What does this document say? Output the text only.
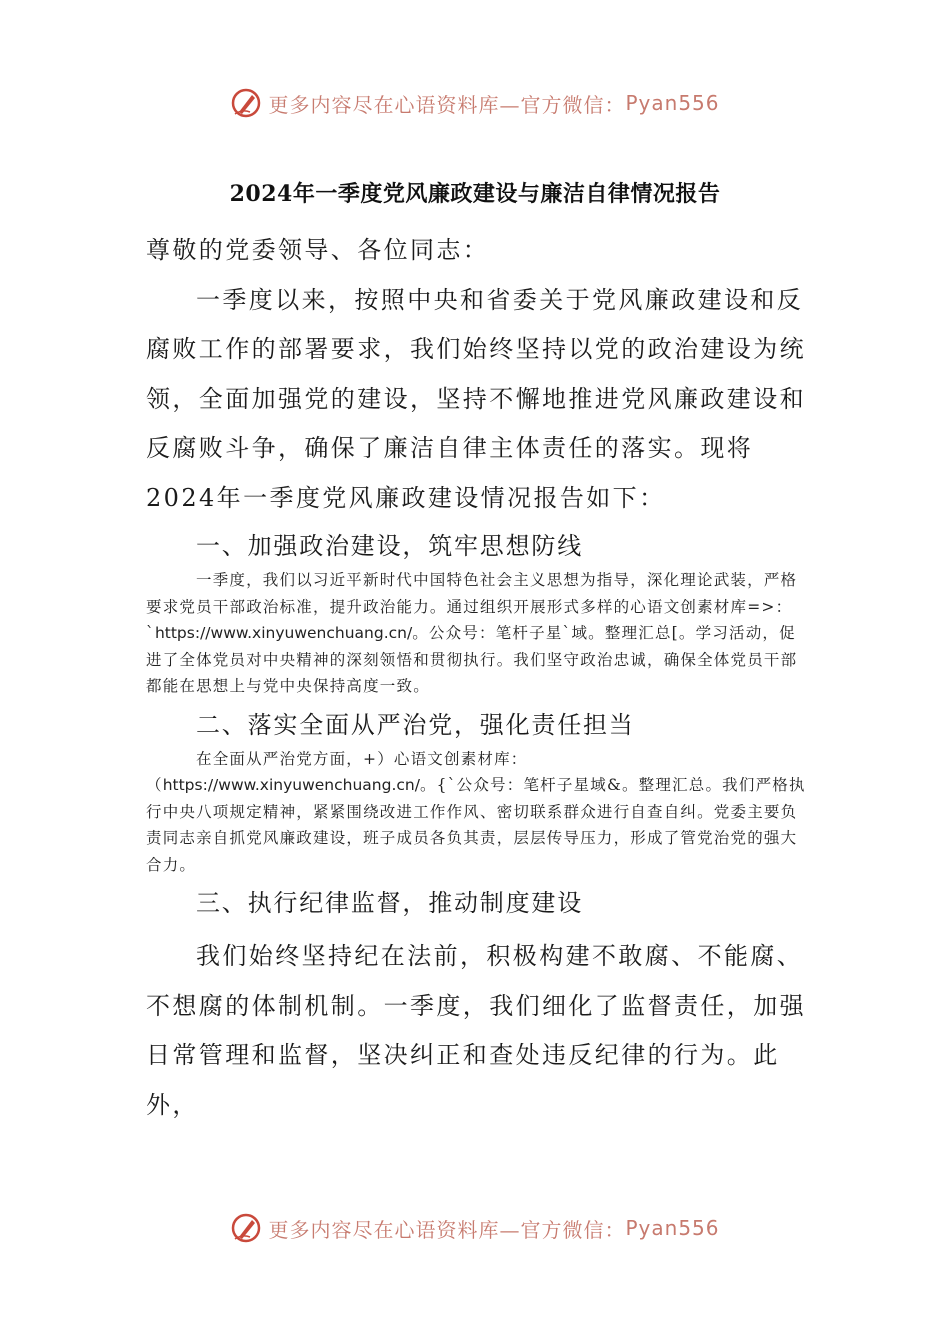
更多内容尽在心语资料库—官方微信： Pyan556
2024年一季度党风廉政建设与廉洁自律情况报告

尊敬的党委领导、各位同志：

一季度以来，按照中央和省委关于党风廉政建设和反腐败工作的部署要求，我们始终坚持以党的政治建设为统领，全面加强党的建设，坚持不懈地推进党风廉政建设和反腐败斗争，确保了廉洁自律主体责任的落实。现将2024年一季度党风廉政建设情况报告如下：

一、加强政治建设，筑牢思想防线

一季度，我们以习近平新时代中国特色社会主义思想为指导，深化理论武装，严格要求党员干部政治标准，提升政治能力。通过组织开展形式多样的心语文创素材库=>：`https://www.xinyuwenchuang.cn/。公众号：笔杆子星`域。整理汇总[。学习活动，促进了全体党员对中央精神的深刻领悟和贯彻执行。我们坚守政治忠诚，确保全体党员干部都能在思想上与党中央保持高度一致。

二、落实全面从严治党，强化责任担当

在全面从严治党方面，+）心语文创素材库：（https://www.xinyuwenchuang.cn/。{`公众号：笔杆子星域&。整理汇总。我们严格执行中央八项规定精神，紧紧围绕改进工作作风、密切联系群众进行自查自纠。党委主要负责同志亲自抓党风廉政建设，班子成员各负其责，层层传导压力，形成了管党治党的强大合力。

三、执行纪律监督，推动制度建设

我们始终坚持纪在法前，积极构建不敢腐、不能腐、不想腐的体制机制。一季度，我们细化了监督责任，加强日常管理和监督，坚决纠正和查处违反纪律的行为。此外，

更多内容尽在心语资料库—官方微信： Pyan556
